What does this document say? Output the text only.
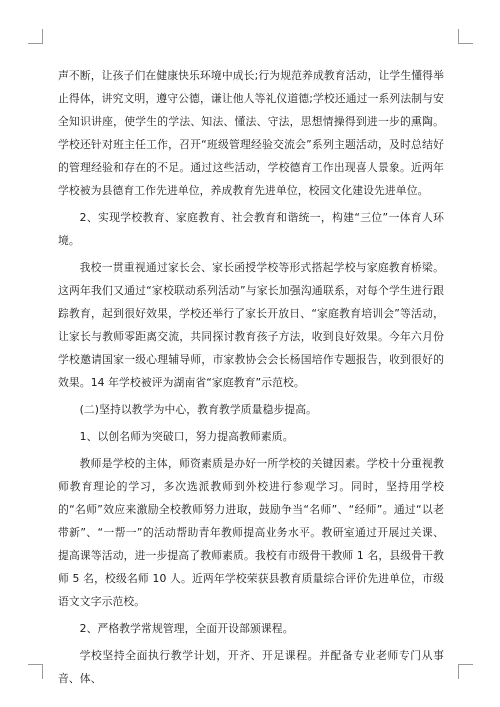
声不断，让孩子们在健康快乐环境中成长;行为规范养成教育活动，让学生懂得举止得体，讲究文明，遵守公德，谦让他人等礼仪道德;学校还通过一系列法制与安全知识讲座，使学生的学法、知法、懂法、守法，思想情操得到进一步的熏陶。学校还针对班主任工作，召开“班级管理经验交流会”系列主题活动，及时总结好的管理经验和存在的不足。通过这些活动，学校德育工作出现喜人景象。近两年学校被为县德育工作先进单位，养成教育先进单位，校园文化建设先进单位。

2、实现学校教育、家庭教育、社会教育和谐统一，构建“三位”一体育人环境。

我校一贯重视通过家长会、家长函授学校等形式搭起学校与家庭教育桥梁。这两年我们又通过“家校联动系列活动”与家长加强沟通联系，对每个学生进行跟踪教育，起到很好效果，学校还举行了家长开放日、“家庭教育培训会”等活动，让家长与教师零距离交流，共同探讨教育孩子方法，收到良好效果。今年六月份学校邀请国家一级心理辅导师，市家教协会会长杨国培作专题报告，收到很好的效果。14 年学校被评为湖南省“家庭教育”示范校。

(二)坚持以教学为中心，教育教学质量稳步提高。

1、以创名师为突破口，努力提高教师素质。

教师是学校的主体，师资素质是办好一所学校的关键因素。学校十分重视教师教育理论的学习，多次选派教师到外校进行参观学习。同时，坚持用学校的“名师”效应来激励全校教师努力进取，鼓励争当“名师”、“经师”。通过“以老带新”、“一帮一”的活动帮助青年教师提高业务水平。教研室通过开展过关课、提高课等活动，进一步提高了教师素质。我校有市级骨干教师 1 名，县级骨干教师 5 名，校级名师 10 人。近两年学校荣获县教育质量综合评价先进单位，市级语文文字示范校。

2、严格教学常规管理，全面开设部颁课程。

学校坚持全面执行教学计划，开齐、开足课程。并配备专业老师专门从事音、体、
